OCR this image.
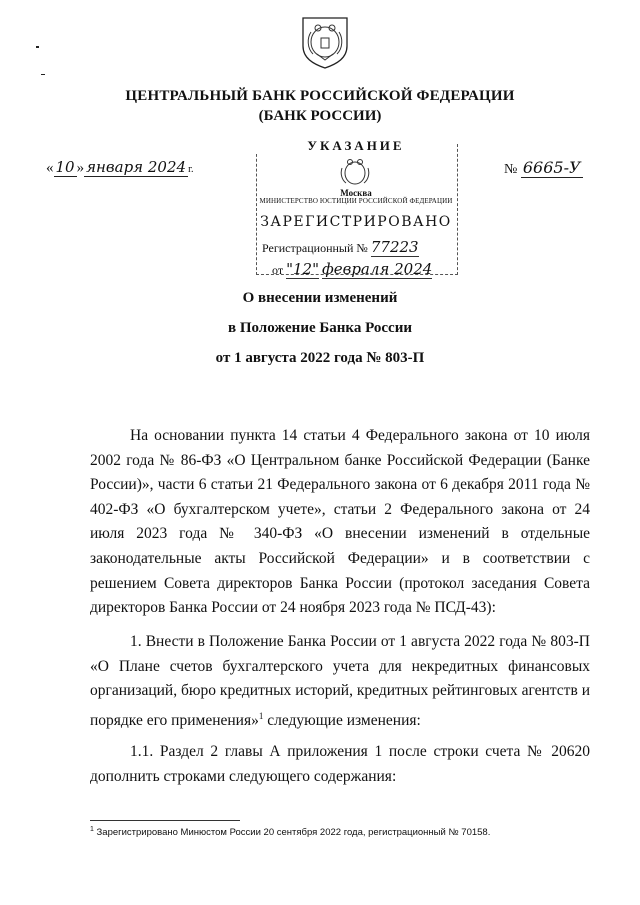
ЦЕНТРАЛЬНЫЙ БАНК РОССИЙСКОЙ ФЕДЕРАЦИИ
(БАНК РОССИИ)
« 10 » января 2024 г.	№ 6665-У
УКАЗАНИЕ
Москва
МИНИСТЕРСТВО ЮСТИЦИИ РОССИЙСКОЙ ФЕДЕРАЦИИ
ЗАРЕГИСТРИРОВАНО
Регистрационный № 77223
от "12" февраля 2024
О внесении изменений
в Положение Банка России
от 1 августа 2022 года № 803-П
На основании пункта 14 статьи 4 Федерального закона от 10 июля 2002 года № 86-ФЗ «О Центральном банке Российской Федерации (Банке России)», части 6 статьи 21 Федерального закона от 6 декабря 2011 года № 402-ФЗ «О бухгалтерском учете», статьи 2 Федерального закона от 24 июля 2023 года № 340-ФЗ «О внесении изменений в отдельные законодательные акты Российской Федерации» и в соответствии с решением Совета директоров Банка России (протокол заседания Совета директоров Банка России от 24 ноября 2023 года № ПСД-43):
1. Внести в Положение Банка России от 1 августа 2022 года № 803-П «О Плане счетов бухгалтерского учета для некредитных финансовых организаций, бюро кредитных историй, кредитных рейтинговых агентств и порядке его применения»$^1$ следующие изменения:
1.1. Раздел 2 главы А приложения 1 после строки счета № 20620 дополнить строками следующего содержания:
$^1$ Зарегистрировано Минюстом России 20 сентября 2022 года, регистрационный № 70158.
